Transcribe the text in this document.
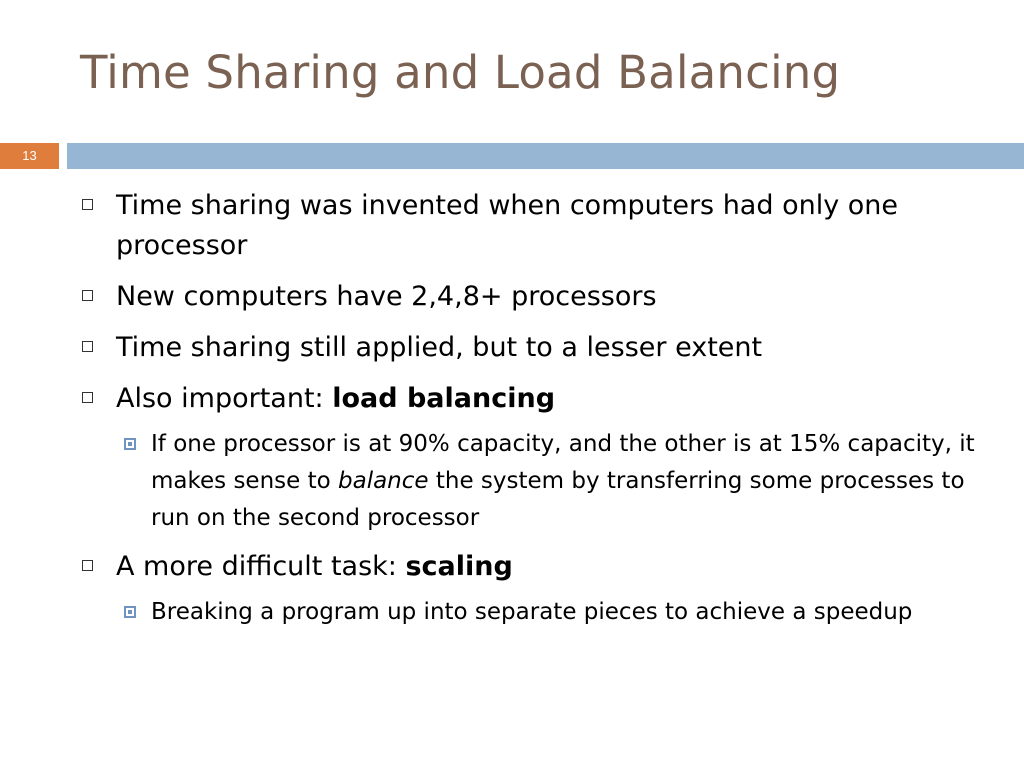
Time Sharing and Load Balancing
13
Time sharing was invented when computers had only one processor
New computers have 2,4,8+ processors
Time sharing still applied, but to a lesser extent
Also important: load balancing
If one processor is at 90% capacity, and the other is at 15% capacity, it makes sense to balance the system by transferring some processes to run on the second processor
A more difficult task: scaling
Breaking a program up into separate pieces to achieve a speedup
